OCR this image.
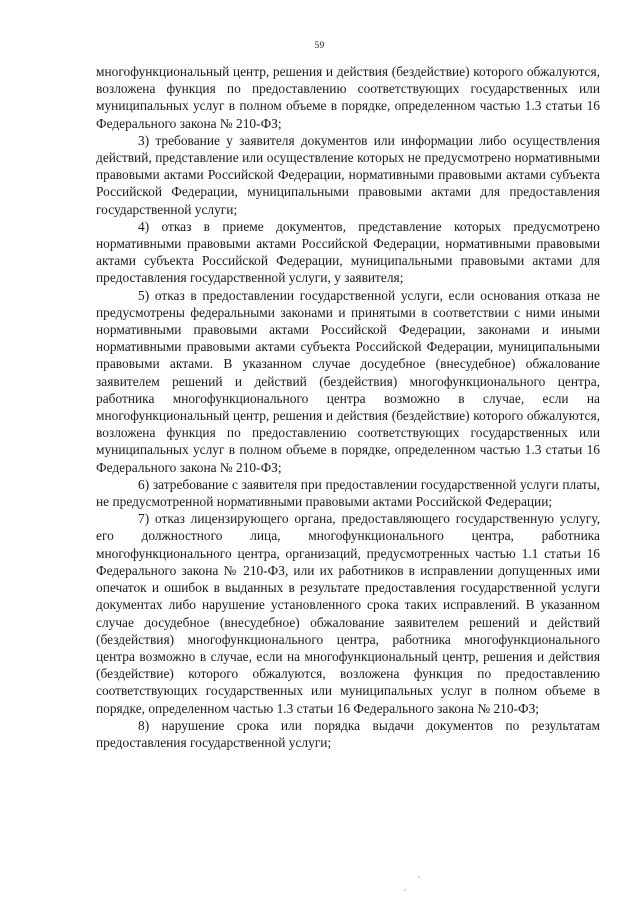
59

многофункциональный центр, решения и действия (бездействие) которого обжалуются, возложена функция по предоставлению соответствующих государственных или муниципальных услуг в полном объеме в порядке, определенном частью 1.3 статьи 16 Федерального закона № 210-ФЗ;

3) требование у заявителя документов или информации либо осуществления действий, представление или осуществление которых не предусмотрено нормативными правовыми актами Российской Федерации, нормативными правовыми актами субъекта Российской Федерации, муниципальными правовыми актами для предоставления государственной услуги;

4) отказ в приеме документов, представление которых предусмотрено нормативными правовыми актами Российской Федерации, нормативными правовыми актами субъекта Российской Федерации, муниципальными правовыми актами для предоставления государственной услуги, у заявителя;

5) отказ в предоставлении государственной услуги, если основания отказа не предусмотрены федеральными законами и принятыми в соответствии с ними иными нормативными правовыми актами Российской Федерации, законами и иными нормативными правовыми актами субъекта Российской Федерации, муниципальными правовыми актами. В указанном случае досудебное (внесудебное) обжалование заявителем решений и действий (бездействия) многофункционального центра, работника многофункционального центра возможно в случае, если на многофункциональный центр, решения и действия (бездействие) которого обжалуются, возложена функция по предоставлению соответствующих государственных или муниципальных услуг в полном объеме в порядке, определенном частью 1.3 статьи 16 Федерального закона № 210-ФЗ;

6) затребование с заявителя при предоставлении государственной услуги платы, не предусмотренной нормативными правовыми актами Российской Федерации;

7) отказ лицензирующего органа, предоставляющего государственную услугу, его должностного лица, многофункционального центра, работника многофункционального центра, организаций, предусмотренных частью 1.1 статьи 16 Федерального закона № 210-ФЗ, или их работников в исправлении допущенных ими опечаток и ошибок в выданных в результате предоставления государственной услуги документах либо нарушение установленного срока таких исправлений. В указанном случае досудебное (внесудебное) обжалование заявителем решений и действий (бездействия) многофункционального центра, работника многофункционального центра возможно в случае, если на многофункциональный центр, решения и действия (бездействие) которого обжалуются, возложена функция по предоставлению соответствующих государственных или муниципальных услуг в полном объеме в порядке, определенном частью 1.3 статьи 16 Федерального закона № 210-ФЗ;

8) нарушение срока или порядка выдачи документов по результатам предоставления государственной услуги;
